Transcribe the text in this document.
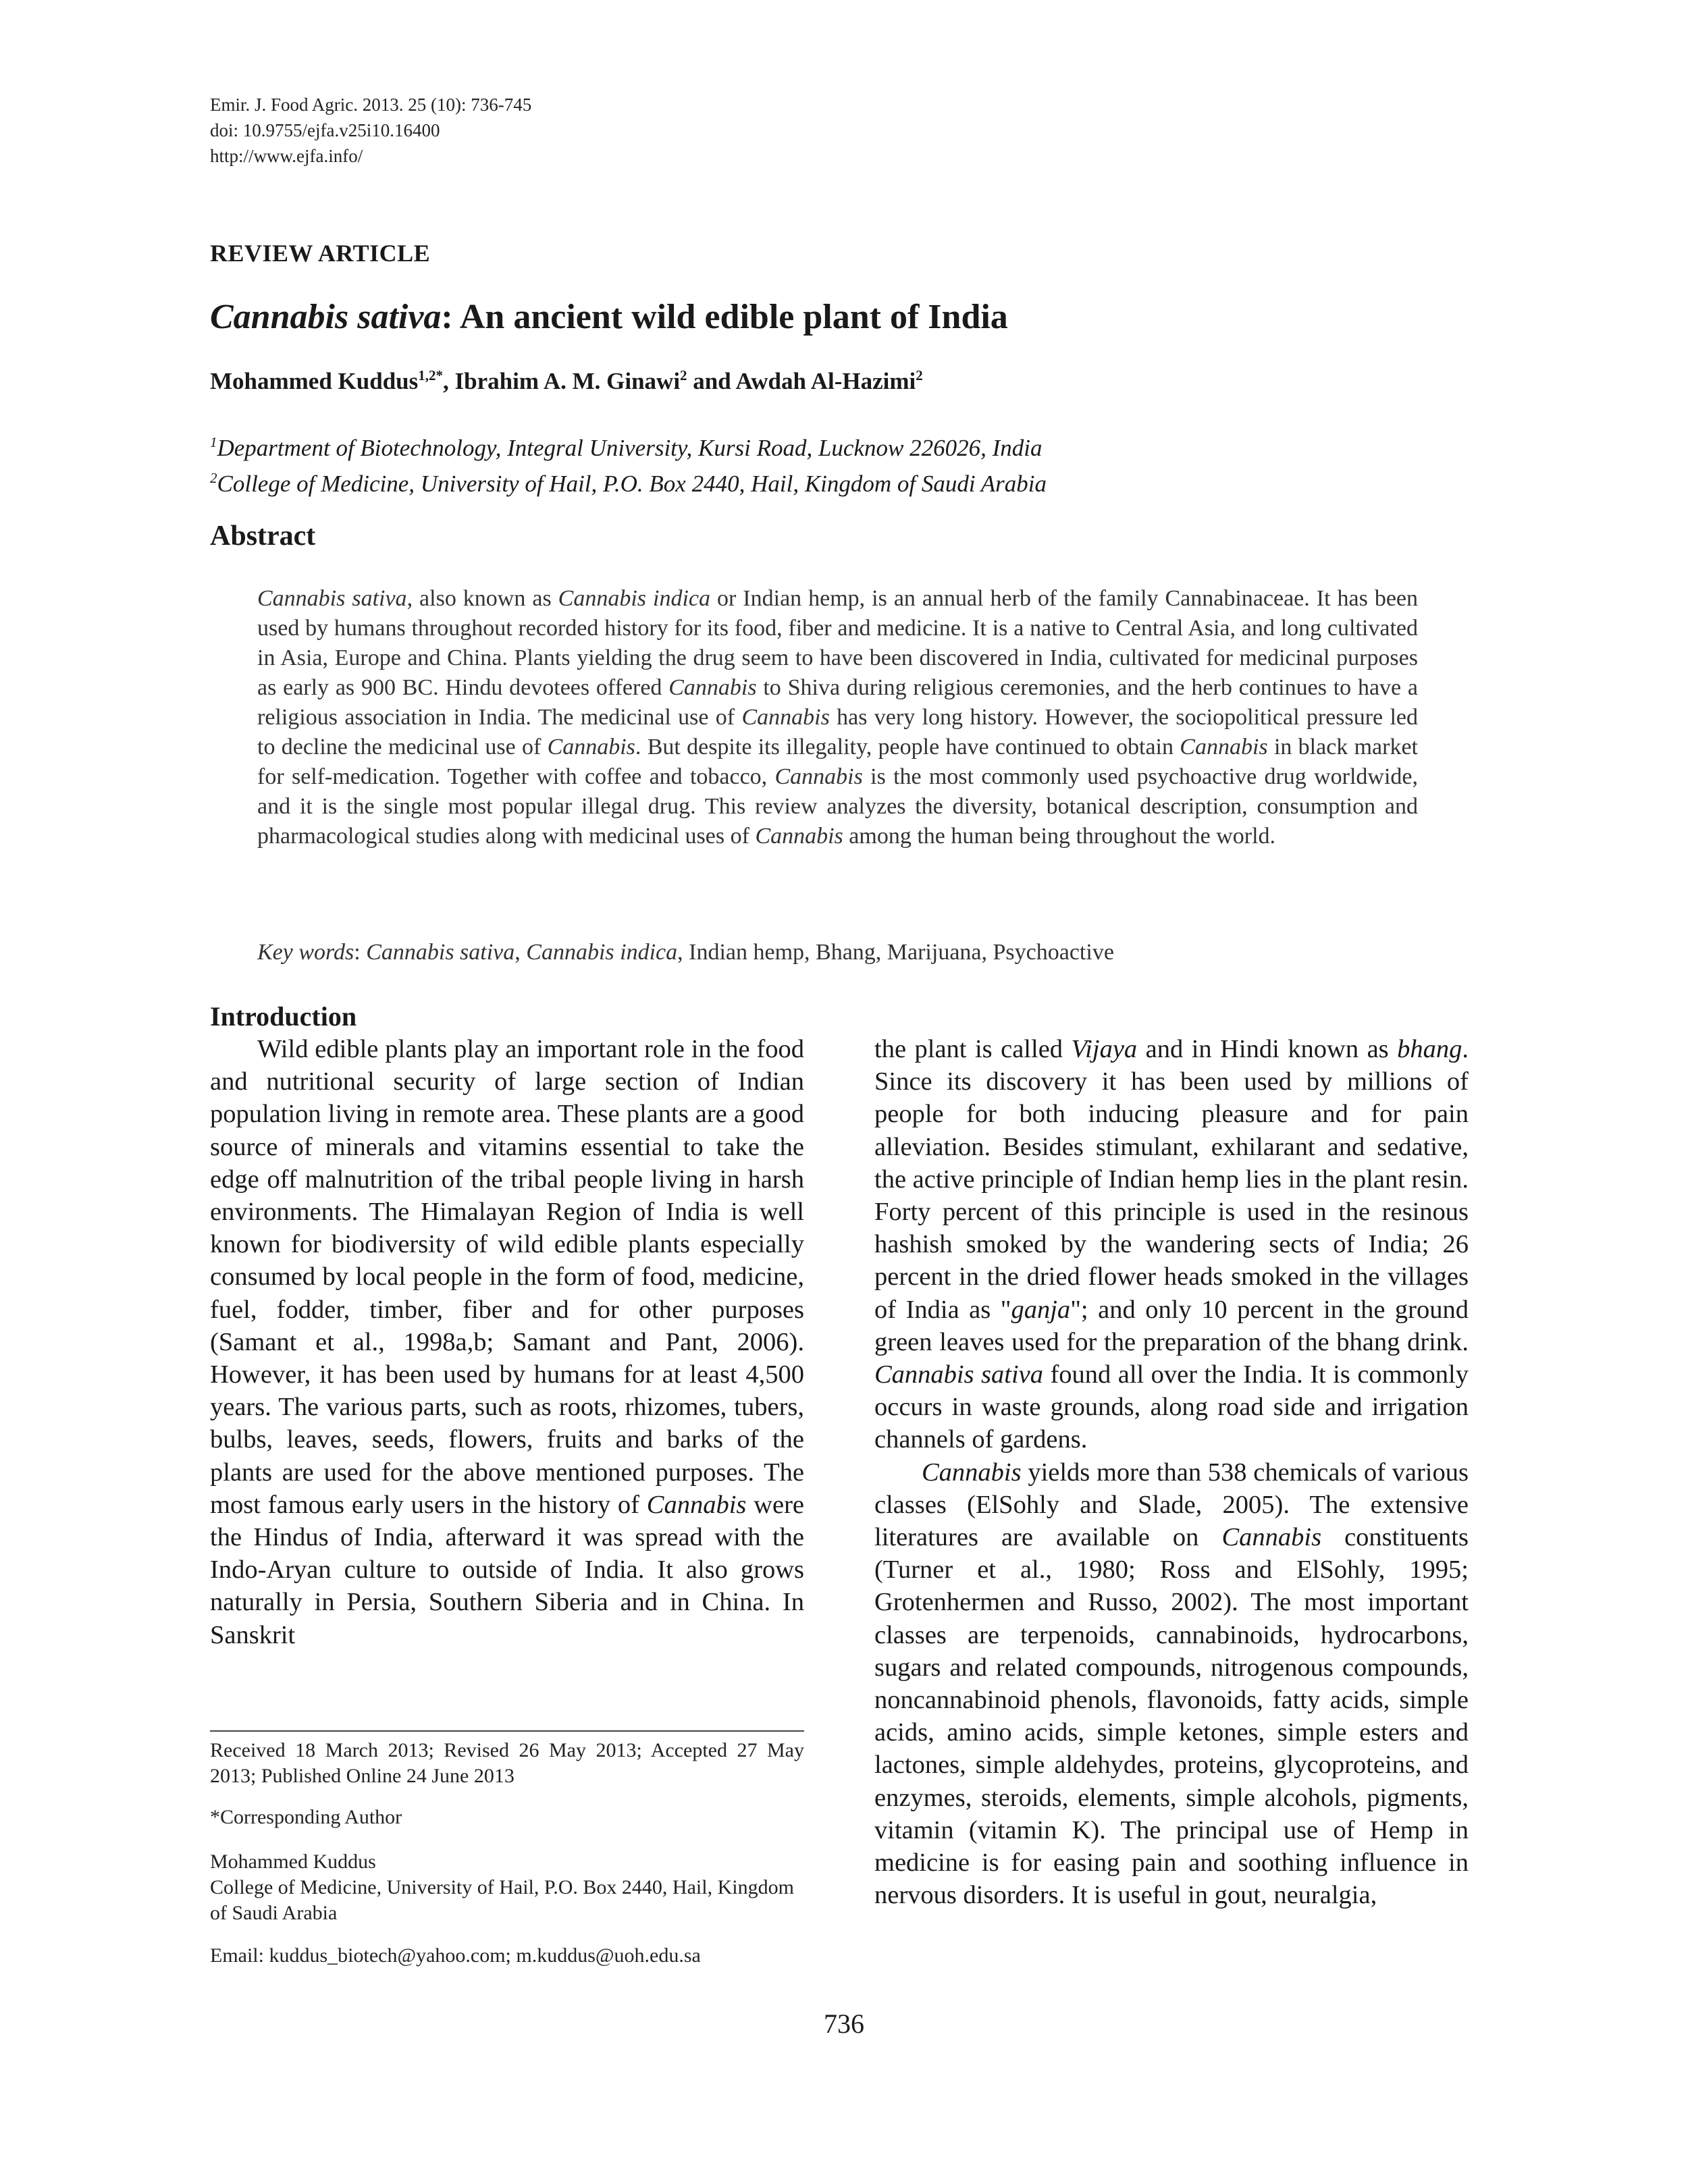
Emir. J. Food Agric. 2013. 25 (10): 736-745
doi: 10.9755/ejfa.v25i10.16400
http://www.ejfa.info/
REVIEW ARTICLE
Cannabis sativa: An ancient wild edible plant of India
Mohammed Kuddus$^{1,2*}$, Ibrahim A. M. Ginawi$^2$ and Awdah Al-Hazimi$^2$
$^1$Department of Biotechnology, Integral University, Kursi Road, Lucknow 226026, India
$^2$College of Medicine, University of Hail, P.O. Box 2440, Hail, Kingdom of Saudi Arabia
Abstract
Cannabis sativa, also known as Cannabis indica or Indian hemp, is an annual herb of the family Cannabinaceae. It has been used by humans throughout recorded history for its food, fiber and medicine. It is a native to Central Asia, and long cultivated in Asia, Europe and China. Plants yielding the drug seem to have been discovered in India, cultivated for medicinal purposes as early as 900 BC. Hindu devotees offered Cannabis to Shiva during religious ceremonies, and the herb continues to have a religious association in India. The medicinal use of Cannabis has very long history. However, the sociopolitical pressure led to decline the medicinal use of Cannabis. But despite its illegality, people have continued to obtain Cannabis in black market for self-medication. Together with coffee and tobacco, Cannabis is the most commonly used psychoactive drug worldwide, and it is the single most popular illegal drug. This review analyzes the diversity, botanical description, consumption and pharmacological studies along with medicinal uses of Cannabis among the human being throughout the world.
Key words: Cannabis sativa, Cannabis indica, Indian hemp, Bhang, Marijuana, Psychoactive
Introduction

Wild edible plants play an important role in the food and nutritional security of large section of Indian population living in remote area. These plants are a good source of minerals and vitamins essential to take the edge off malnutrition of the tribal people living in harsh environments. The Himalayan Region of India is well known for biodiversity of wild edible plants especially consumed by local people in the form of food, medicine, fuel, fodder, timber, fiber and for other purposes (Samant et al., 1998a,b; Samant and Pant, 2006). However, it has been used by humans for at least 4,500 years. The various parts, such as roots, rhizomes, tubers, bulbs, leaves, seeds, flowers, fruits and barks of the plants are used for the above mentioned purposes. The most famous early users in the history of Cannabis were the Hindus of India, afterward it was spread with the Indo-Aryan culture to outside of India. It also grows naturally in Persia, Southern Siberia and in China. In Sanskrit

the plant is called Vijaya and in Hindi known as bhang. Since its discovery it has been used by millions of people for both inducing pleasure and for pain alleviation. Besides stimulant, exhilarant and sedative, the active principle of Indian hemp lies in the plant resin. Forty percent of this principle is used in the resinous hashish smoked by the wandering sects of India; 26 percent in the dried flower heads smoked in the villages of India as "ganja"; and only 10 percent in the ground green leaves used for the preparation of the bhang drink. Cannabis sativa found all over the India. It is commonly occurs in waste grounds, along road side and irrigation channels of gardens.

Cannabis yields more than 538 chemicals of various classes (ElSohly and Slade, 2005). The extensive literatures are available on Cannabis constituents (Turner et al., 1980; Ross and ElSohly, 1995; Grotenhermen and Russo, 2002). The most important classes are terpenoids, cannabinoids, hydrocarbons, sugars and related compounds, nitrogenous compounds, noncannabinoid phenols, flavonoids, fatty acids, simple acids, amino acids, simple ketones, simple esters and lactones, simple aldehydes, proteins, glycoproteins, and enzymes, steroids, elements, simple alcohols, pigments, vitamin (vitamin K). The principal use of Hemp in medicine is for easing pain and soothing influence in nervous disorders. It is useful in gout, neuralgia,

Received 18 March 2013; Revised 26 May 2013; Accepted 27 May 2013; Published Online 24 June 2013
*Corresponding Author
Mohammed Kuddus
College of Medicine, University of Hail, P.O. Box 2440, Hail, Kingdom of Saudi Arabia
Email: kuddus_biotech@yahoo.com; m.kuddus@uoh.edu.sa
736
